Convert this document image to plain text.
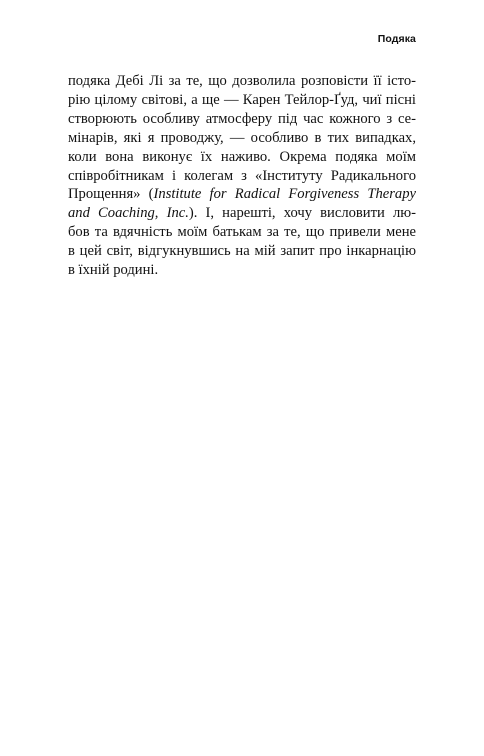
Подяка
подяка Дебі Лі за те, що дозволила розповісти її істо-
рію цілому світові, а ще — Карен Тейлор-Ґуд, чиї пісні
створюють особливу атмосферу під час кожного з се-
мінарів, які я проводжу, — особливо в тих випадках,
коли вона виконує їх наживо. Окрема подяка моїм
співробітникам і колегам з «Інституту Радикального
Прощення» (Institute for Radical Forgiveness Therapy
and Coaching, Inc.). І, нарешті, хочу висловити лю-
бов та вдячність моїм батькам за те, що привели мене
в цей світ, відгукнувшись на мій запит про інкарнацію
в їхній родині.
